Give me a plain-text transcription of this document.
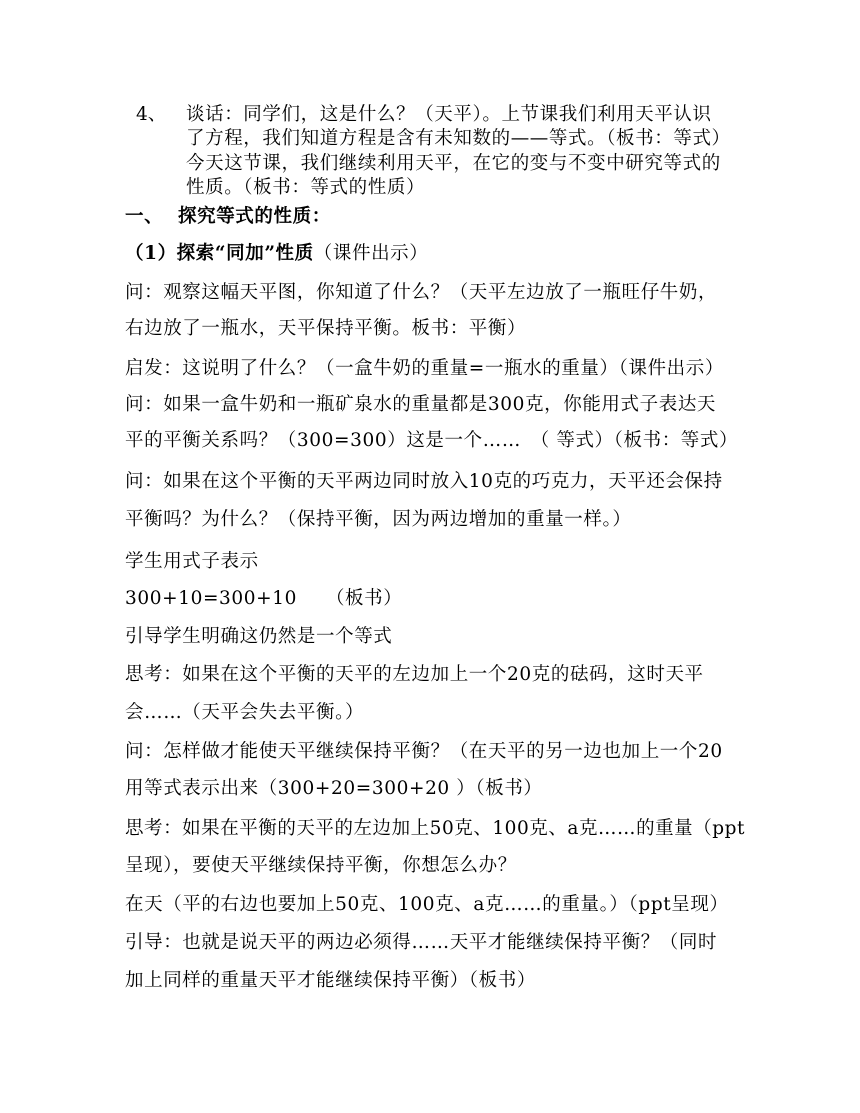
4、 谈话：同学们，这是什么？（天平）。上节课我们利用天平认识
了方程，我们知道方程是含有未知数的——等式。（板书：等式）
今天这节课，我们继续利用天平，在它的变与不变中研究等式的
性质。（板书：等式的性质）
一、 探究等式的性质：
（1）探索“同加”性质（课件出示）
问：观察这幅天平图，你知道了什么？（天平左边放了一瓶旺仔牛奶，
右边放了一瓶水，天平保持平衡。板书：平衡）
启发：这说明了什么？（一盒牛奶的重量=一瓶水的重量）（课件出示）
问：如果一盒牛奶和一瓶矿泉水的重量都是300克，你能用式子表达天
平的平衡关系吗？（300=300）这是一个……　（ 等式）（板书：等式）
问：如果在这个平衡的天平两边同时放入10克的巧克力，天平还会保持
平衡吗？为什么？（保持平衡，因为两边增加的重量一样。）
学生用式子表示
300+10=300+10　　（板书）
引导学生明确这仍然是一个等式
思考：如果在这个平衡的天平的左边加上一个20克的砝码，这时天平
会……（天平会失去平衡。）
问：怎样做才能使天平继续保持平衡？（在天平的另一边也加上一个20
用等式表示出来（300+20=300+20 ）（板书）
思考：如果在平衡的天平的左边加上50克、100克、a克……的重量（ppt
呈现），要使天平继续保持平衡，你想怎么办？
在天（平的右边也要加上50克、100克、a克……的重量。）（ppt呈现）
引导：也就是说天平的两边必须得……天平才能继续保持平衡？（同时
加上同样的重量天平才能继续保持平衡）（板书）
